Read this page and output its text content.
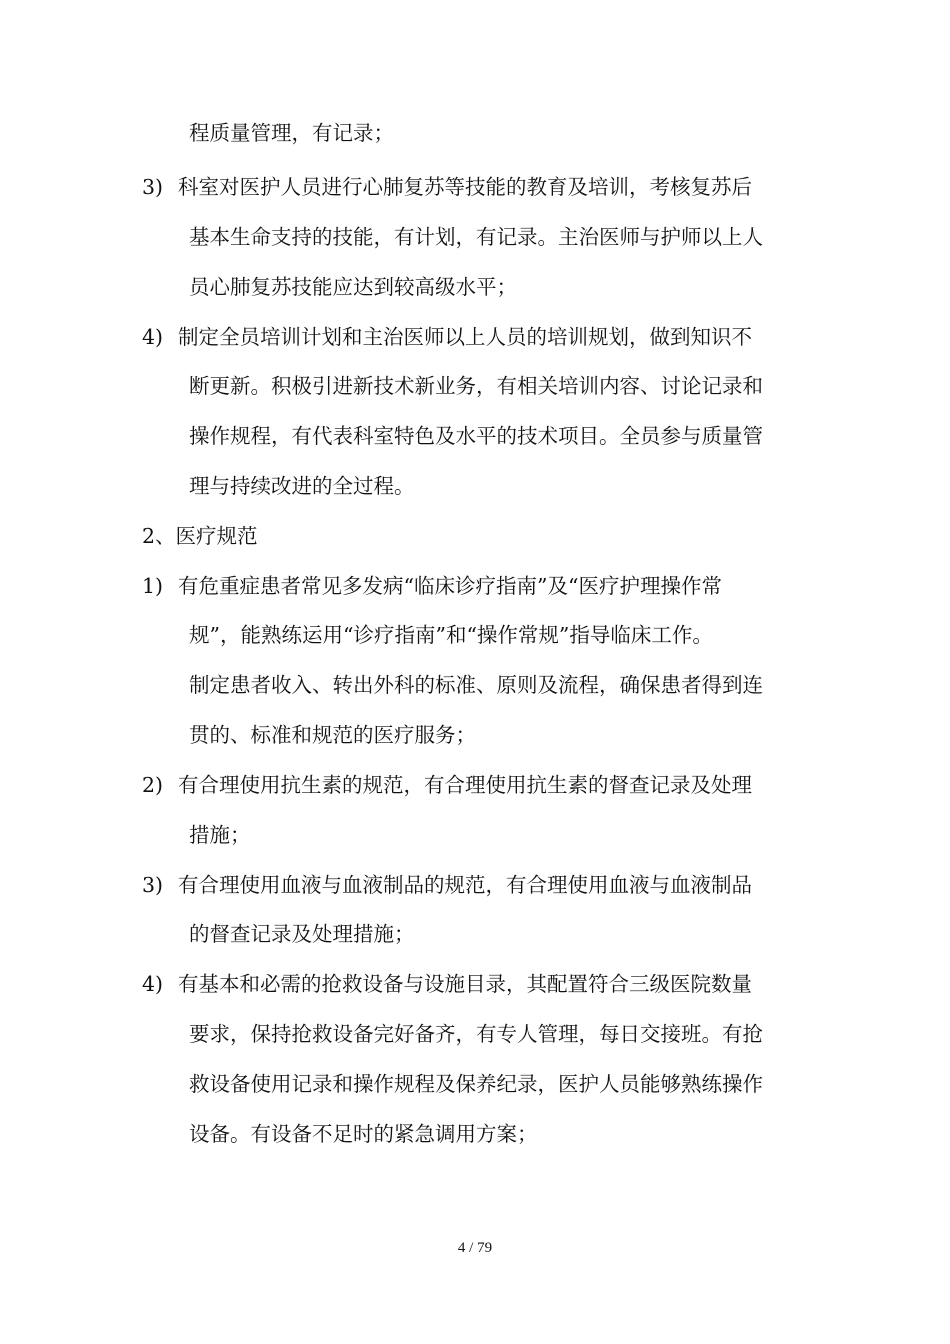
程质量管理，有记录；
3) 科室对医护人员进行心肺复苏等技能的教育及培训，考核复苏后
基本生命支持的技能，有计划，有记录。主治医师与护师以上人
员心肺复苏技能应达到较高级水平；
4) 制定全员培训计划和主治医师以上人员的培训规划，做到知识不
断更新。积极引进新技术新业务，有相关培训内容、讨论记录和
操作规程，有代表科室特色及水平的技术项目。全员参与质量管
理与持续改进的全过程。
2、医疗规范
1) 有危重症患者常见多发病“临床诊疗指南”及“医疗护理操作常
规”，能熟练运用“诊疗指南”和“操作常规”指导临床工作。
制定患者收入、转出外科的标准、原则及流程，确保患者得到连
贯的、标准和规范的医疗服务；
2) 有合理使用抗生素的规范，有合理使用抗生素的督查记录及处理
措施；
3) 有合理使用血液与血液制品的规范，有合理使用血液与血液制品
的督查记录及处理措施；
4) 有基本和必需的抢救设备与设施目录，其配置符合三级医院数量
要求，保持抢救设备完好备齐，有专人管理，每日交接班。有抢
救设备使用记录和操作规程及保养纪录，医护人员能够熟练操作
设备。有设备不足时的紧急调用方案；
4 / 79
